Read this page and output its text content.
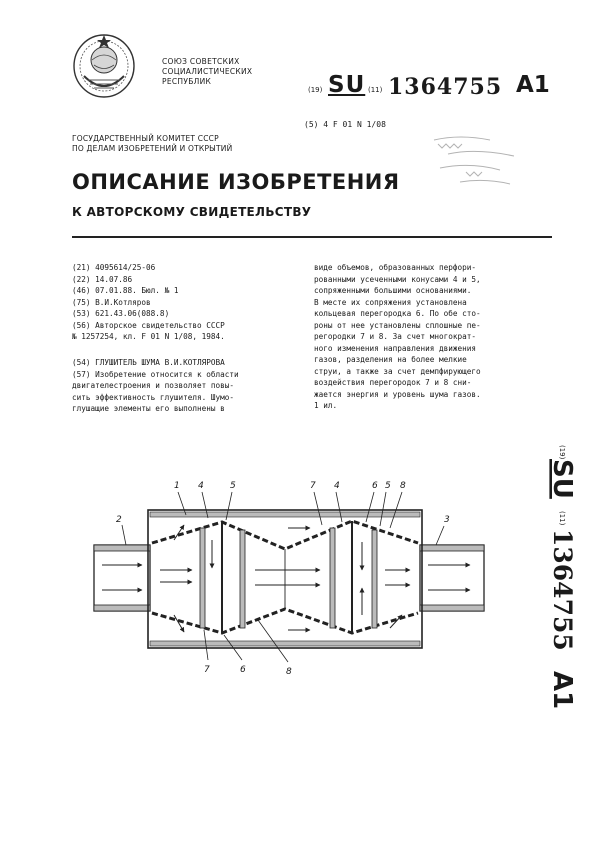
СОЮЗ СОВЕТСКИХ
СОЦИАЛИСТИЧЕСКИХ
РЕСПУБЛИК
(19) SU (11) 1364755 A1
(5) 4 F 01 N 1/08
ГОСУДАРСТВЕННЫЙ КОМИТЕТ СССР
ПО ДЕЛАМ ИЗОБРЕТЕНИЙ И ОТКРЫТИЙ
ОПИСАНИЕ ИЗОБРЕТЕНИЯ
К АВТОРСКОМУ СВИДЕТЕЛЬСТВУ
(21) 4095614/25-06
(22) 14.07.86
(46) 07.01.88. Бюл. № 1
(75) В.И.Котляров
(53) 621.43.06(088.8)
(56) Авторское свидетельство СССР
№ 1257254, кл. F 01 N 1/08, 1984.
(54) ГЛУШИТЕЛЬ ШУМА В.И.КОТЛЯРОВА
(57) Изобретение относится к области
двигателестроения и позволяет повы-
сить эффективность глушителя. Шумо-
глушащие элементы его выполнены в
виде объемов, образованных перфори-
рованными усеченными конусами 4 и 5,
сопряженными большими основаниями.
В месте их сопряжения установлена
кольцевая перегородка 6. По обе сто-
роны от нее установлены сплошные пе-
регородки 7 и 8. За счет многократ-
ного изменения направления движения
газов, разделения на более мелкие
струи, а также за счет демпфирующего
воздействия перегородок 7 и 8 сни-
жается энергия и уровень шума газов.
1 ил.
(19)
SU
(11)
1364755
A1
1 4	5	7 4	6 5 8
2	3
7	6	8
